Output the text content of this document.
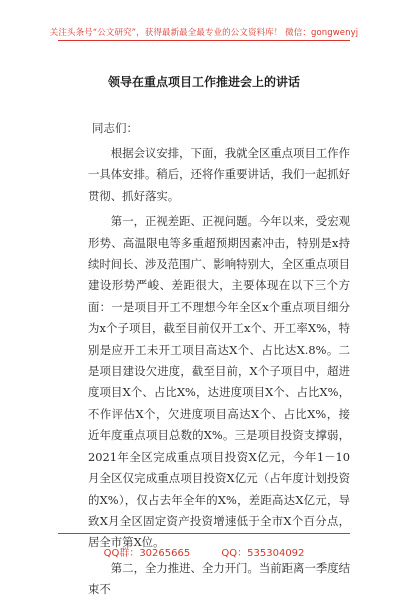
关注头条号“公文研究”，获得最新最全最专业的公文资料库！ 微信：gongwenyj
领导在重点项目工作推进会上的讲话
同志们：

根据会议安排，下面，我就全区重点项目工作作一具体安排。稍后，还将作重要讲话，我们一起抓好贯彻、抓好落实。

第一，正视差距、正视问题。今年以来，受宏观形势、高温限电等多重超预期因素冲击，特别是x持续时间长、涉及范围广、影响特别大，全区重点项目建设形势严峻、差距很大，主要体现在以下三个方面：一是项目开工不理想今年全区x个重点项目细分为x个子项目，截至目前仅开工x个、开工率X%，特别是应开工未开工项目高达X个、占比达X.8%。二是项目建设欠进度，截至目前，X个子项目中，超进度项目X个、占比X%，达进度项目X个、占比X%，不作评估X个，欠进度项目高达X个、占比X%，接近年度重点项目总数的X%。三是项目投资支撑弱，2021年全区完成重点项目投资X亿元，今年1－10月全区仅完成重点项目投资X亿元（占年度计划投资的X%），仅占去年全年的X%，差距高达X亿元，导致X月全区固定资产投资增速低于全市X个百分点，居全市第X位。

第二，全力推进、全力开门。当前距离一季度结束不

QQ群：30265665	QQ：535304092
